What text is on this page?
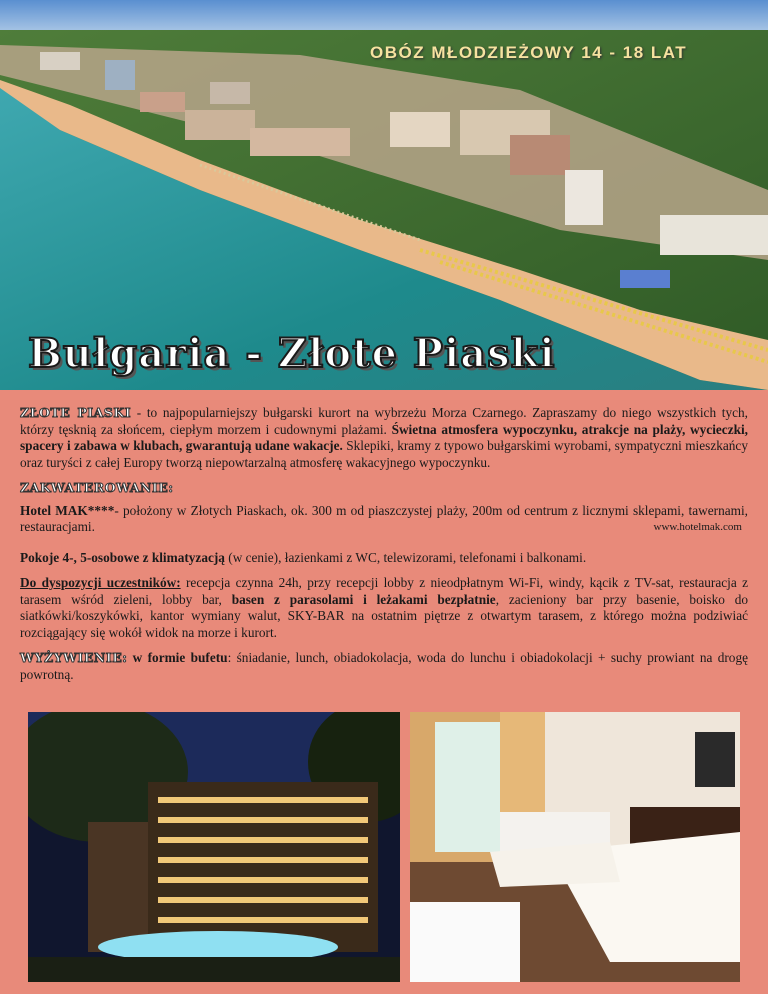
OBÓZ MŁODZIEŻOWY 14 - 18 LAT
Bułgaria - Złote Piaski

ZŁOTE PIASKI - to najpopularniejszy bułgarski kurort na wybrzeżu Morza Czarnego. Zapraszamy do niego wszystkich tych, którzy tęsknią za słońcem, ciepłym morzem i cudownymi plażami. Świetna atmosfera wypoczynku, atrakcje na plaży, wycieczki, spacery i zabawa w klubach, gwarantują udane wakacje. Sklepiki, kramy z typowo bułgarskimi wyrobami, sympatyczni mieszkańcy oraz turyści z całej Europy tworzą niepowtarzalną atmosferę wakacyjnego wypoczynku.

ZAKWATEROWANIE:

Hotel MAK****- położony w Złotych Piaskach, ok. 300 m od piaszczystej plaży, 200m od centrum z licznymi sklepami, tawernami, restauracjami.	www.hotelmak.com

Pokoje 4-, 5-osobowe z klimatyzacją (w cenie), łazienkami z WC, telewizorami, telefonami i balkonami.

Do dyspozycji uczestników: recepcja czynna 24h, przy recepcji lobby z nieodpłatnym Wi-Fi, windy, kącik z TV-sat, restauracja z tarasem wśród zieleni, lobby bar, basen z parasolami i leżakami bezpłatnie, zacieniony bar przy basenie, boisko do siatkówki/koszykówki, kantor wymiany walut, SKY-BAR na ostatnim piętrze z otwartym tarasem, z którego można podziwiać rozciągający się wokół widok na morze i kurort.

WYŻYWIENIE: w formie bufetu: śniadanie, lunch, obiadokolacja, woda do lunchu i obiadokolacji + suchy prowiant na drogę powrotną.
